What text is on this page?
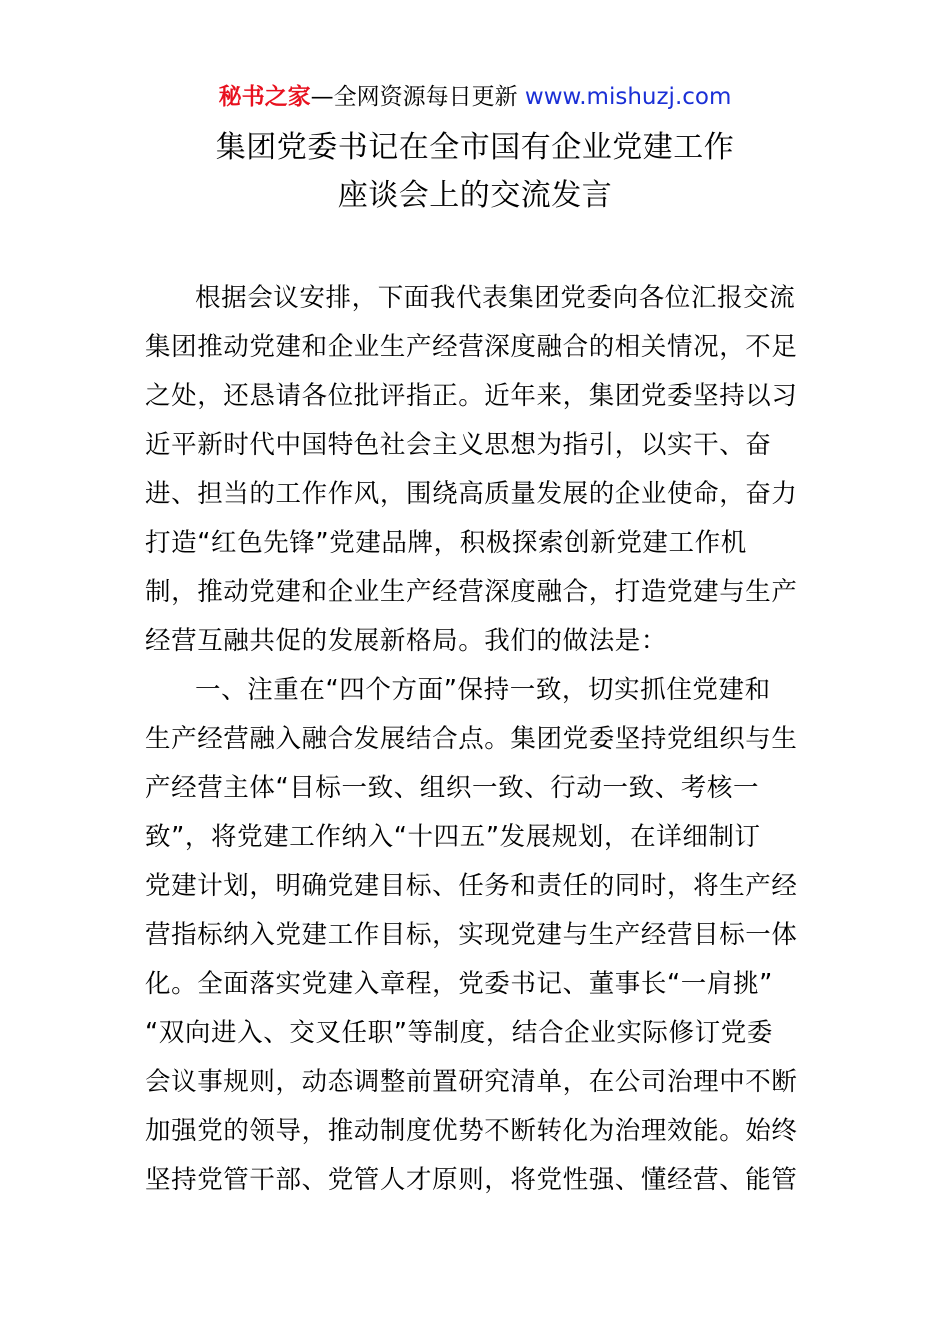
秘书之家—全网资源每日更新 www.mishuzj.com
集团党委书记在全市国有企业党建工作
座谈会上的交流发言
根据会议安排，下面我代表集团党委向各位汇报交流
集团推动党建和企业生产经营深度融合的相关情况，不足
之处，还恳请各位批评指正。近年来，集团党委坚持以习
近平新时代中国特色社会主义思想为指引，以实干、奋
进、担当的工作作风，围绕高质量发展的企业使命，奋力
打造“红色先锋”党建品牌，积极探索创新党建工作机
制，推动党建和企业生产经营深度融合，打造党建与生产
经营互融共促的发展新格局。我们的做法是：
一、注重在“四个方面”保持一致，切实抓住党建和
生产经营融入融合发展结合点。集团党委坚持党组织与生
产经营主体“目标一致、组织一致、行动一致、考核一
致”，将党建工作纳入“十四五”发展规划，在详细制订
党建计划，明确党建目标、任务和责任的同时，将生产经
营指标纳入党建工作目标，实现党建与生产经营目标一体
化。全面落实党建入章程，党委书记、董事长“一肩挑”
“双向进入、交叉任职”等制度，结合企业实际修订党委
会议事规则，动态调整前置研究清单，在公司治理中不断
加强党的领导，推动制度优势不断转化为治理效能。始终
坚持党管干部、党管人才原则，将党性强、懂经营、能管
